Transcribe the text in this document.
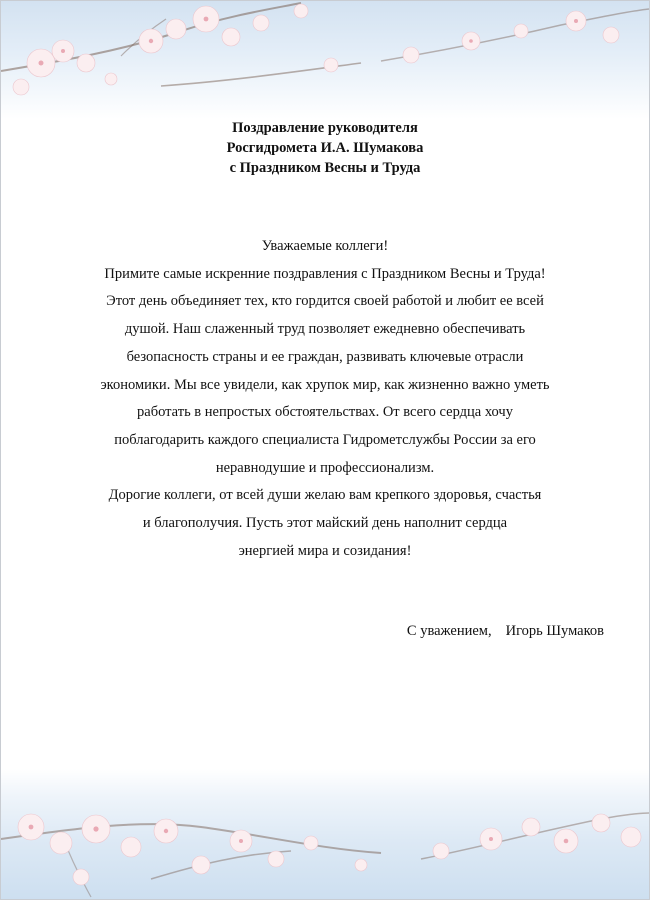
Поздравление руководителя
Росгидромета И.А. Шумакова
с Праздником Весны и Труда
Уважаемые коллеги!
Примите самые искренние поздравления с Праздником Весны и Труда!
Этот день объединяет тех, кто гордится своей работой и любит ее всей
душой. Наш слаженный труд позволяет ежедневно обеспечивать
безопасность страны и ее граждан, развивать ключевые отрасли
экономики. Мы все увидели, как хрупок мир, как жизненно важно уметь
работать в непростых обстоятельствах. От всего сердца хочу
поблагодарить каждого специалиста Гидрометслужбы России за его
неравнодушие и профессионализм.
Дорогие коллеги, от всей души желаю вам крепкого здоровья, счастья
и благополучия. Пусть этот майский день наполнит сердца
энергией мира и созидания!
С уважением, Игорь Шумаков
